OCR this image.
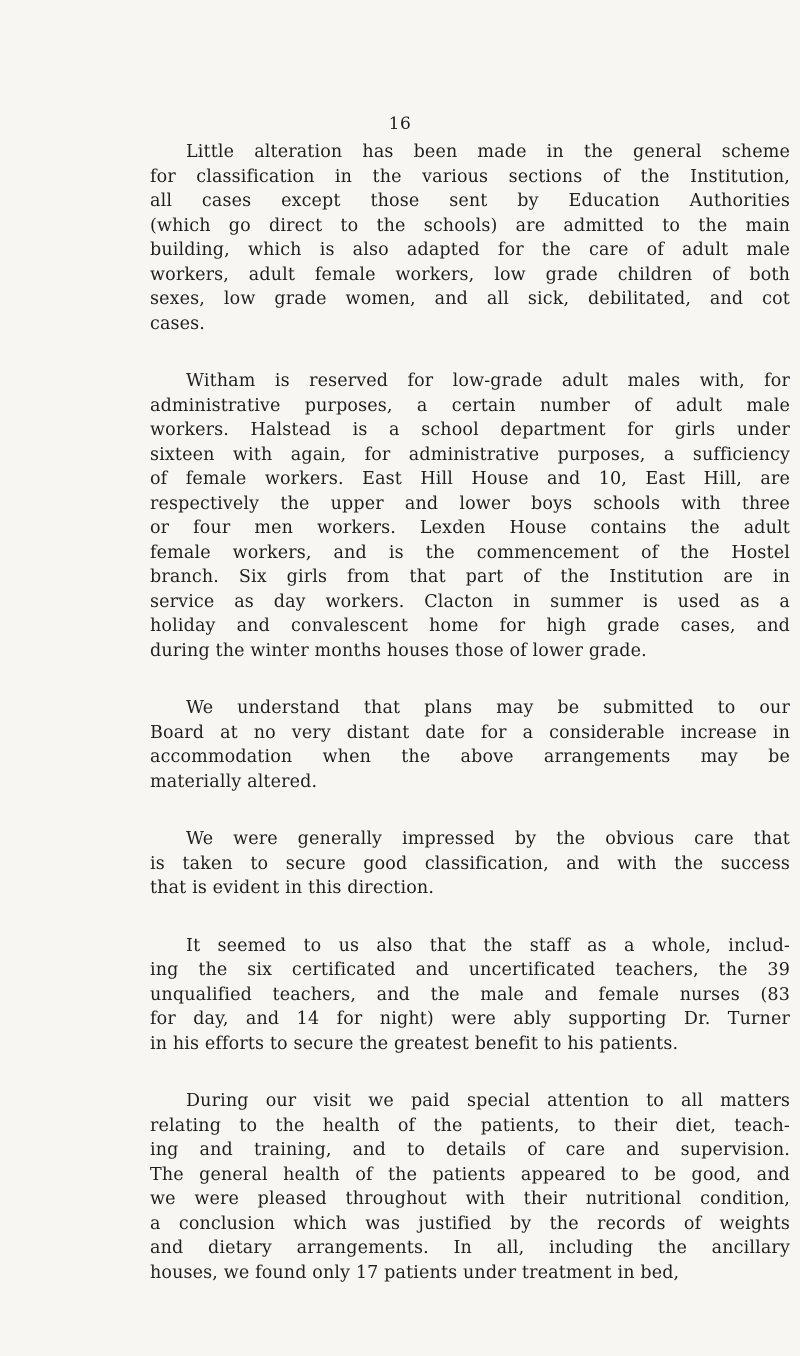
16
Little alteration has been made in the general scheme
for classification in the various sections of the Institution,
all cases except those sent by Education Authorities
(which go direct to the schools) are admitted to the main
building, which is also adapted for the care of adult male
workers, adult female workers, low grade children of both
sexes, low grade women, and all sick, debilitated, and cot
cases.
Witham is reserved for low-grade adult males with, for
administrative purposes, a certain number of adult male
workers. Halstead is a school department for girls under
sixteen with again, for administrative purposes, a sufficiency
of female workers. East Hill House and 10, East Hill, are
respectively the upper and lower boys schools with three
or four men workers. Lexden House contains the adult
female workers, and is the commencement of the Hostel
branch. Six girls from that part of the Institution are in
service as day workers. Clacton in summer is used as a
holiday and convalescent home for high grade cases, and
during the winter months houses those of lower grade.
We understand that plans may be submitted to our
Board at no very distant date for a considerable increase in
accommodation when the above arrangements may be
materially altered.
We were generally impressed by the obvious care that
is taken to secure good classification, and with the success
that is evident in this direction.
It seemed to us also that the staff as a whole, includ-
ing the six certificated and uncertificated teachers, the 39
unqualified teachers, and the male and female nurses (83
for day, and 14 for night) were ably supporting Dr. Turner
in his efforts to secure the greatest benefit to his patients.
During our visit we paid special attention to all matters
relating to the health of the patients, to their diet, teach-
ing and training, and to details of care and supervision.
The general health of the patients appeared to be good, and
we were pleased throughout with their nutritional condition,
a conclusion which was justified by the records of weights
and dietary arrangements. In all, including the ancillary
houses, we found only 17 patients under treatment in bed,
